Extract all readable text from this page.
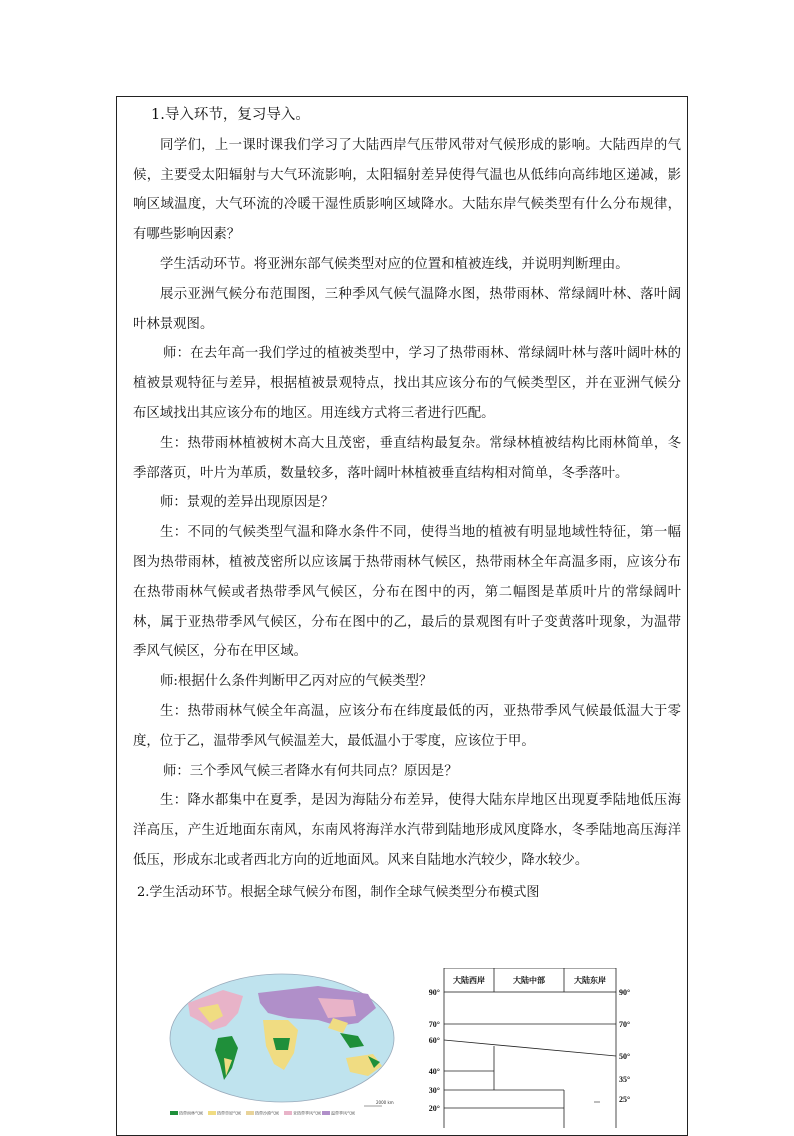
1.导入环节，复习导入。

同学们，上一课时课我们学习了大陆西岸气压带风带对气候形成的影响。大陆西岸的气候，主要受太阳辐射与大气环流影响，太阳辐射差异使得气温也从低纬向高纬地区递减，影响区域温度，大气环流的冷暖干湿性质影响区域降水。大陆东岸气候类型有什么分布规律，有哪些影响因素？

学生活动环节。将亚洲东部气候类型对应的位置和植被连线，并说明判断理由。

展示亚洲气候分布范围图，三种季风气候气温降水图，热带雨林、常绿阔叶林、落叶阔叶林景观图。

师：在去年高一我们学过的植被类型中，学习了热带雨林、常绿阔叶林与落叶阔叶林的植被景观特征与差异，根据植被景观特点，找出其应该分布的气候类型区，并在亚洲气候分布区域找出其应该分布的地区。用连线方式将三者进行匹配。

生：热带雨林植被树木高大且茂密，垂直结构最复杂。常绿林植被结构比雨林简单，冬季部落页，叶片为革质，数量较多，落叶阔叶林植被垂直结构相对简单，冬季落叶。

师：景观的差异出现原因是？

生：不同的气候类型气温和降水条件不同，使得当地的植被有明显地域性特征，第一幅图为热带雨林，植被茂密所以应该属于热带雨林气候区，热带雨林全年高温多雨，应该分布在热带雨林气候或者热带季风气候区，分布在图中的丙，第二幅图是革质叶片的常绿阔叶林，属于亚热带季风气候区，分布在图中的乙，最后的景观图有叶子变黄落叶现象，为温带季风气候区，分布在甲区域。

师:根据什么条件判断甲乙丙对应的气候类型？

生：热带雨林气候全年高温，应该分布在纬度最低的丙，亚热带季风气候最低温大于零度，位于乙，温带季风气候温差大，最低温小于零度，应该位于甲。

师：三个季风气候三者降水有何共同点？原因是？

生：降水都集中在夏季，是因为海陆分布差异，使得大陆东岸地区出现夏季陆地低压海洋高压，产生近地面东南风，东南风将海洋水汽带到陆地形成风度降水，冬季陆地高压海洋低压，形成东北或者西北方向的近地面风。风来自陆地水汽较少，降水较少。

2.学生活动环节。根据全球气候分布图，制作全球气候类型分布模式图

2000 km
热带雨林气候	热带草原气候	热带沙漠气候	亚热带季风气候	温带季风气候
大陆西岸	大陆中部	大陆东岸
90°
70°
60°
40°
30°
20°
90°
70°
50°
35°
25°
